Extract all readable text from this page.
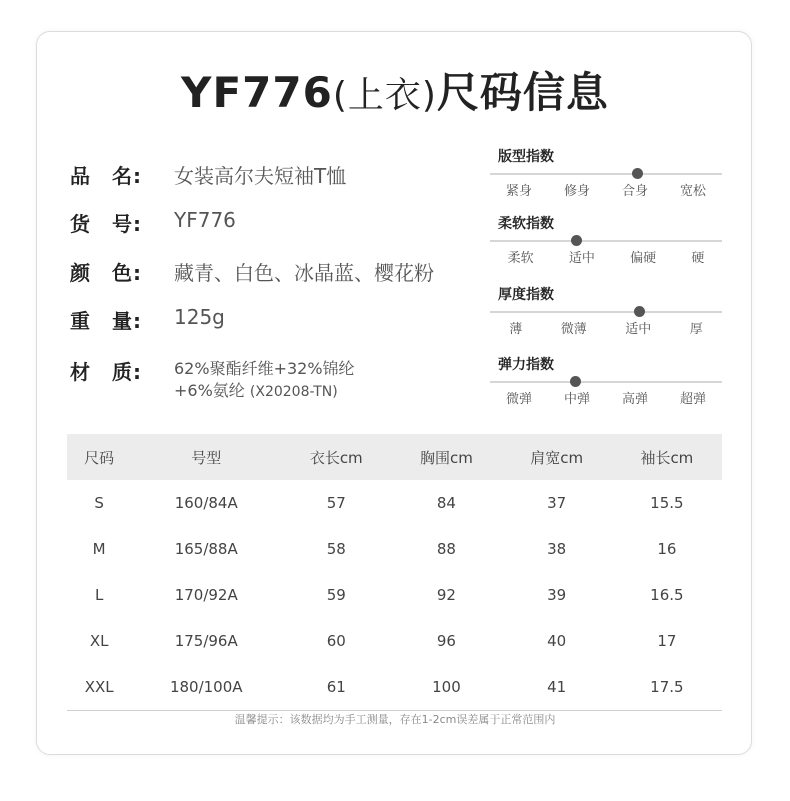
YF776(上衣)尺码信息
品　名:	女装高尔夫短袖T恤
货　号:	YF776
颜　色:	藏青、白色、冰晶蓝、樱花粉
重　量:	125g
材　质:	62%聚酯纤维+32%锦纶
+6%氨纶 (X20208-TN)
版型指数
紧身 修身 合身 宽松
柔软指数
柔软	适中	偏硬	硬
厚度指数
薄	微薄	适中	厚
弹力指数
微弹 中弹 高弹 超弹
尺码	号型	衣长cm	胸围cm	肩宽cm	袖长cm
S	160/84A	57	84	37	15.5
M	165/88A	58	88	38	16
L	170/92A	59	92	39	16.5
XL	175/96A	60	96	40	17
XXL	180/100A	61	100	41	17.5
温馨提示：该数据均为手工测量，存在1-2cm误差属于正常范围内
